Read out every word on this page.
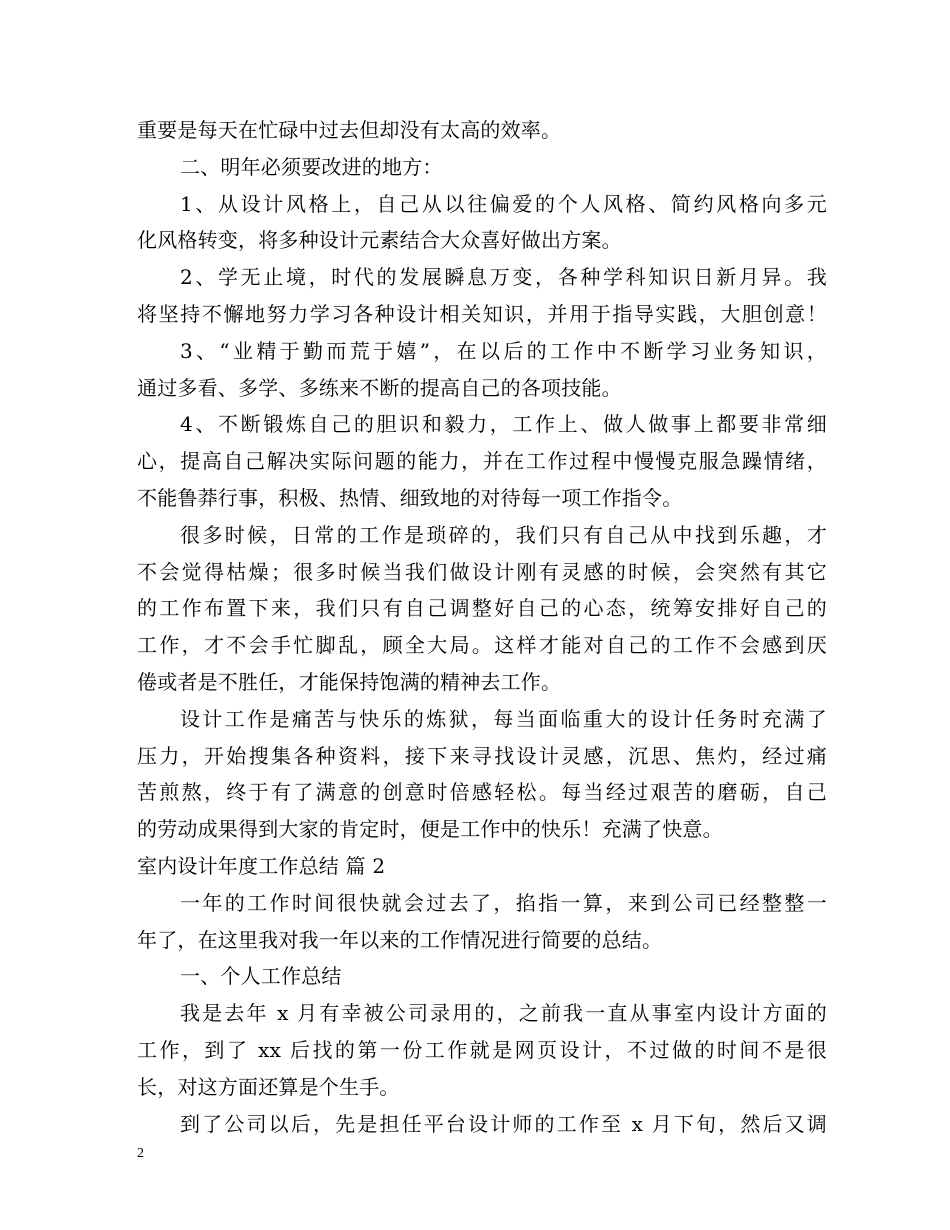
重要是每天在忙碌中过去但却没有太高的效率。
二、明年必须要改进的地方：
1、从设计风格上，自己从以往偏爱的个人风格、简约风格向多元
化风格转变，将多种设计元素结合大众喜好做出方案。
2、学无止境，时代的发展瞬息万变，各种学科知识日新月异。我
将坚持不懈地努力学习各种设计相关知识，并用于指导实践，大胆创意！
3、“业精于勤而荒于嬉”，在以后的工作中不断学习业务知识，
通过多看、多学、多练来不断的提高自己的各项技能。
4、不断锻炼自己的胆识和毅力，工作上、做人做事上都要非常细
心，提高自己解决实际问题的能力，并在工作过程中慢慢克服急躁情绪，
不能鲁莽行事，积极、热情、细致地的对待每一项工作指令。
很多时候，日常的工作是琐碎的，我们只有自己从中找到乐趣，才
不会觉得枯燥；很多时候当我们做设计刚有灵感的时候，会突然有其它
的工作布置下来，我们只有自己调整好自己的心态，统筹安排好自己的
工作，才不会手忙脚乱，顾全大局。这样才能对自己的工作不会感到厌
倦或者是不胜任，才能保持饱满的精神去工作。
设计工作是痛苦与快乐的炼狱，每当面临重大的设计任务时充满了
压力，开始搜集各种资料，接下来寻找设计灵感，沉思、焦灼，经过痛
苦煎熬，终于有了满意的创意时倍感轻松。每当经过艰苦的磨砺，自己
的劳动成果得到大家的肯定时，便是工作中的快乐！充满了快意。
室内设计年度工作总结 篇 2
一年的工作时间很快就会过去了，掐指一算，来到公司已经整整一
年了，在这里我对我一年以来的工作情况进行简要的总结。
一、个人工作总结
我是去年 x 月有幸被公司录用的，之前我一直从事室内设计方面的
工作，到了 xx 后找的第一份工作就是网页设计，不过做的时间不是很
长，对这方面还算是个生手。
到了公司以后，先是担任平台设计师的工作至 x 月下旬，然后又调
2
